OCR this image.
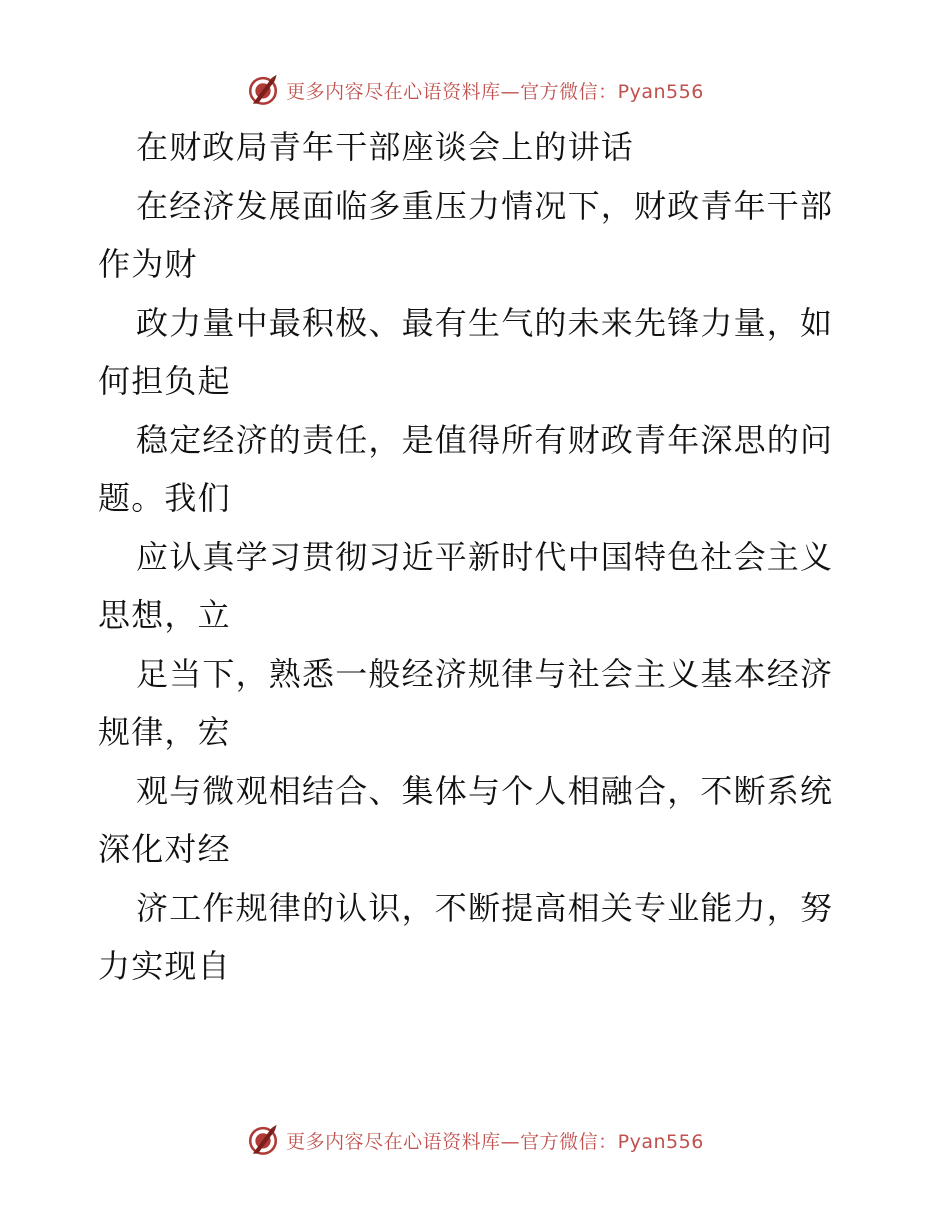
更多内容尽在心语资料库—官方微信：Pyan556
在财政局青年干部座谈会上的讲话
在经济发展面临多重压力情况下，财政青年干部
作为财
政力量中最积极、最有生气的未来先锋力量，如
何担负起
稳定经济的责任，是值得所有财政青年深思的问
题。我们
应认真学习贯彻习近平新时代中国特色社会主义
思想，立
足当下，熟悉一般经济规律与社会主义基本经济
规律，宏
观与微观相结合、集体与个人相融合，不断系统
深化对经
济工作规律的认识，不断提高相关专业能力，努
力实现自
更多内容尽在心语资料库—官方微信：Pyan556
